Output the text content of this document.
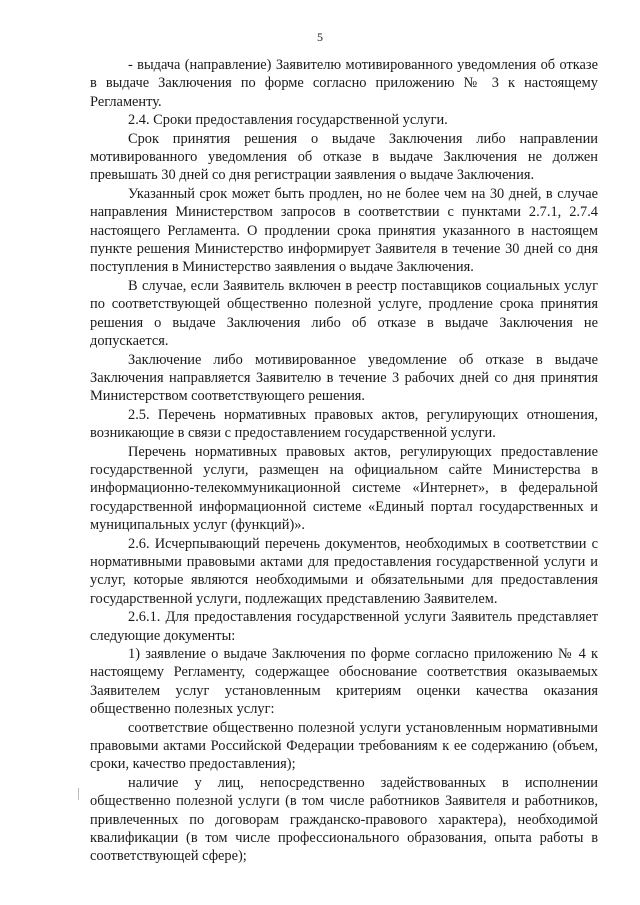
5

- выдача (направление) Заявителю мотивированного уведомления об отказе в выдаче Заключения по форме согласно приложению № 3 к настоящему Регламенту.

2.4. Сроки предоставления государственной услуги.

Срок принятия решения о выдаче Заключения либо направлении мотивированного уведомления об отказе в выдаче Заключения не должен превышать 30 дней со дня регистрации заявления о выдаче Заключения.

Указанный срок может быть продлен, но не более чем на 30 дней, в случае направления Министерством запросов в соответствии с пунктами 2.7.1, 2.7.4 настоящего Регламента. О продлении срока принятия указанного в настоящем пункте решения Министерство информирует Заявителя в течение 30 дней со дня поступления в Министерство заявления о выдаче Заключения.

В случае, если Заявитель включен в реестр поставщиков социальных услуг по соответствующей общественно полезной услуге, продление срока принятия решения о выдаче Заключения либо об отказе в выдаче Заключения не допускается.

Заключение либо мотивированное уведомление об отказе в выдаче Заключения направляется Заявителю в течение 3 рабочих дней со дня принятия Министерством соответствующего решения.

2.5. Перечень нормативных правовых актов, регулирующих отношения, возникающие в связи с предоставлением государственной услуги.

Перечень нормативных правовых актов, регулирующих предоставление государственной услуги, размещен на официальном сайте Министерства в информационно-телекоммуникационной системе «Интернет», в федеральной государственной информационной системе «Единый портал государственных и муниципальных услуг (функций)».

2.6. Исчерпывающий перечень документов, необходимых в соответствии с нормативными правовыми актами для предоставления государственной услуги и услуг, которые являются необходимыми и обязательными для предоставления государственной услуги, подлежащих представлению Заявителем.

2.6.1. Для предоставления государственной услуги Заявитель представляет следующие документы:

1) заявление о выдаче Заключения по форме согласно приложению № 4 к настоящему Регламенту, содержащее обоснование соответствия оказываемых Заявителем услуг установленным критериям оценки качества оказания общественно полезных услуг:

соответствие общественно полезной услуги установленным нормативными правовыми актами Российской Федерации требованиям к ее содержанию (объем, сроки, качество предоставления);

наличие у лиц, непосредственно задействованных в исполнении общественно полезной услуги (в том числе работников Заявителя и работников, привлеченных по договорам гражданско-правового характера), необходимой квалификации (в том числе профессионального образования, опыта работы в соответствующей сфере);
